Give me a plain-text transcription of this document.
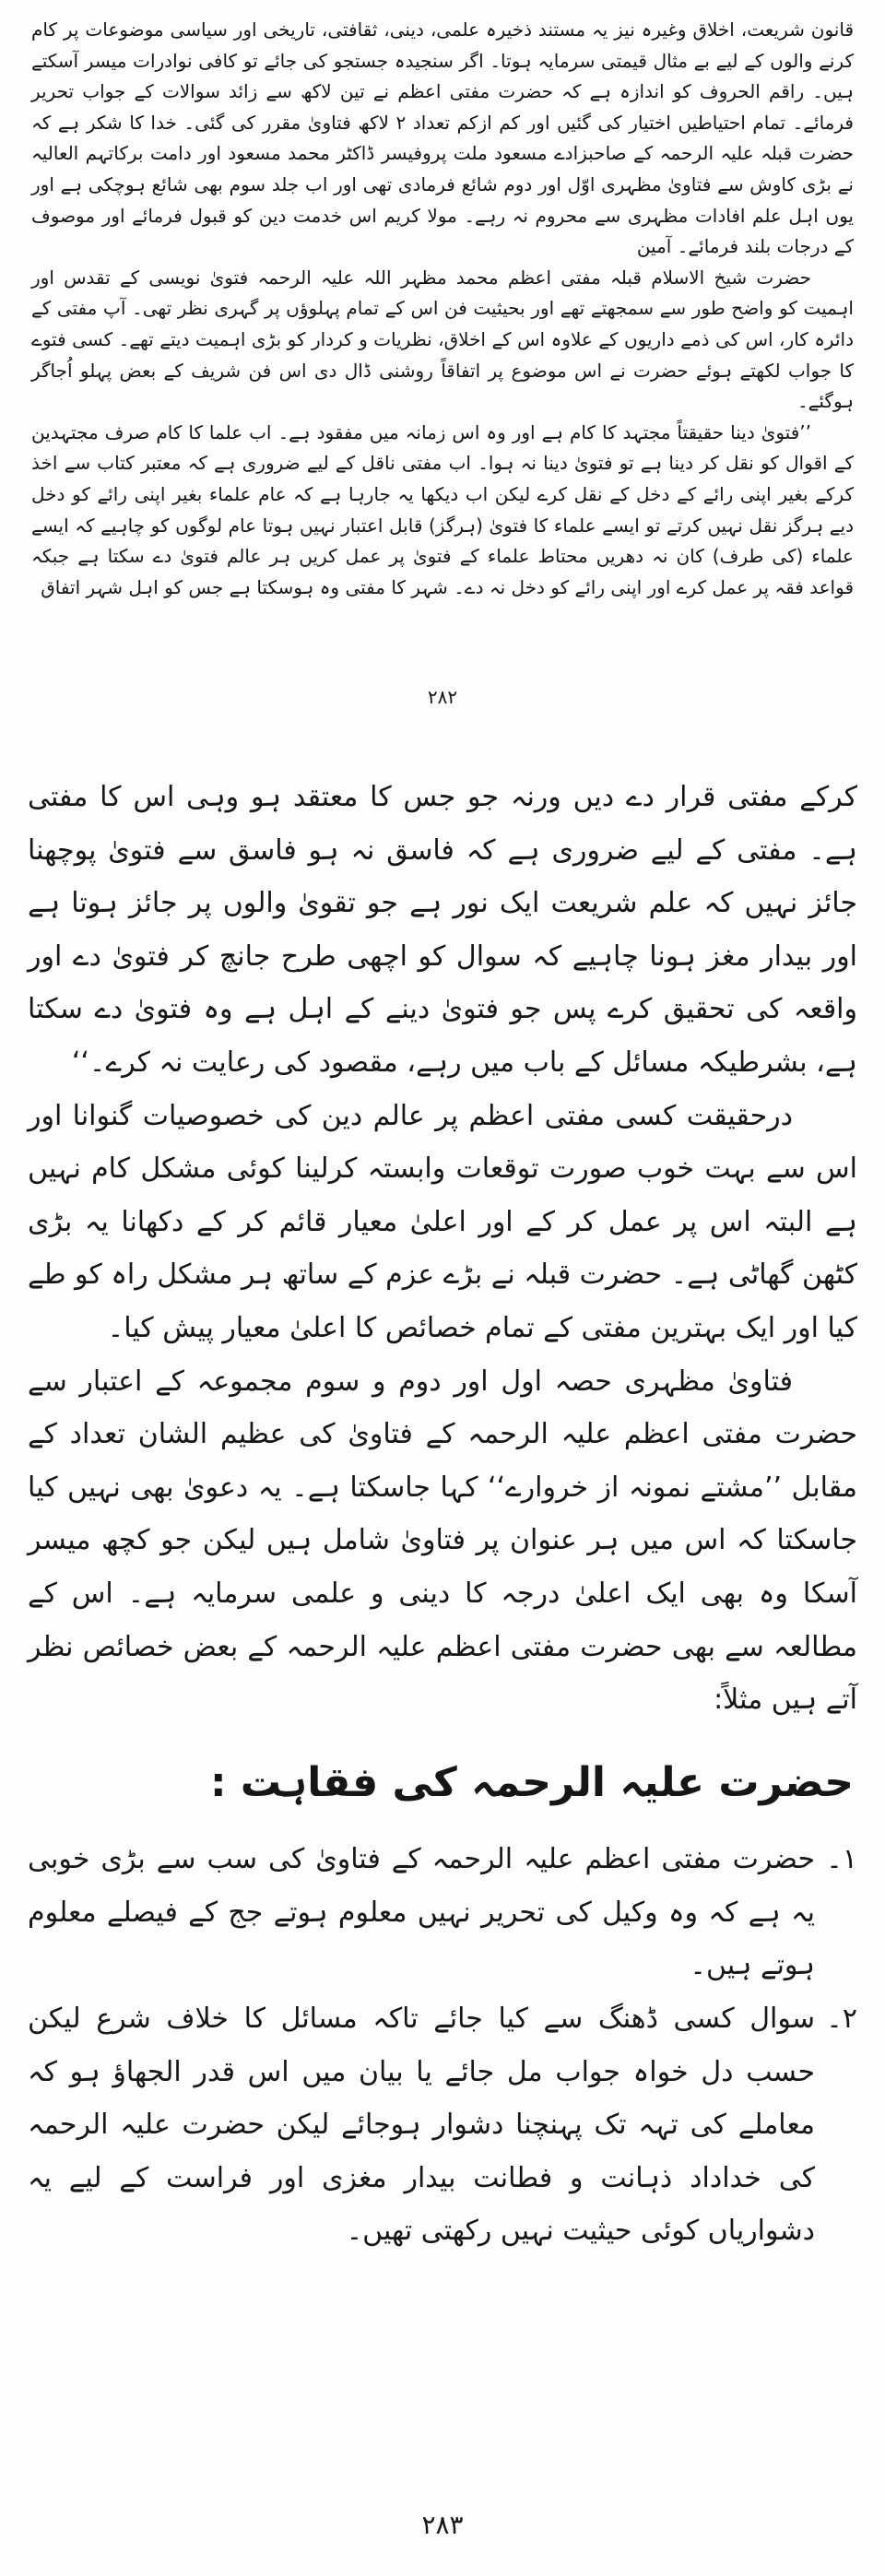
قانون شریعت، اخلاق وغیرہ نیز یہ مستند ذخیرہ علمی، دینی، ثقافتی، تاریخی اور سیاسی موضوعات پر کام کرنے والوں کے لیے بے مثال قیمتی سرمایہ ہوتا۔ اگر سنجیدہ جستجو کی جائے تو کافی نوادرات میسر آسکتے ہیں۔ راقم الحروف کو اندازہ ہے کہ حضرت مفتی اعظم نے تین لاکھ سے زائد سوالات کے جواب تحریر فرمائے۔ تمام احتیاطیں اختیار کی گئیں اور کم ازکم تعداد ۲ لاکھ فتاویٰ مقرر کی گئی۔ خدا کا شکر ہے کہ حضرت قبلہ علیہ الرحمہ کے صاحبزادے مسعود ملت پروفیسر ڈاکٹر محمد مسعود اور دامت برکاتہم العالیہ نے بڑی کاوش سے فتاویٰ مظہری اوّل اور دوم شائع فرمادی تھی اور اب جلد سوم بھی شائع ہوچکی ہے اور یوں اہل علم افادات مظہری سے محروم نہ رہے۔ مولا کریم اس خدمت دین کو قبول فرمائے اور موصوف کے درجات بلند فرمائے۔ آمین

حضرت شیخ الاسلام قبلہ مفتی اعظم محمد مظہر اللہ علیہ الرحمہ فتویٰ نویسی کے تقدس اور اہمیت کو واضح طور سے سمجھتے تھے اور بحیثیت فن اس کے تمام پہلوؤں پر گہری نظر تھی۔ آپ مفتی کے دائرہ کار، اس کی ذمے داریوں کے علاوہ اس کے اخلاق، نظریات و کردار کو بڑی اہمیت دیتے تھے۔ کسی فتوے کا جواب لکھتے ہوئے حضرت نے اس موضوع پر اتفاقاً روشنی ڈال دی اس فن شریف کے بعض پہلو اُجاگر ہوگئے۔

’’فتویٰ دینا حقیقتاً مجتہد کا کام ہے اور وہ اس زمانہ میں مفقود ہے۔ اب علما کا کام صرف مجتہدین کے اقوال کو نقل کر دینا ہے تو فتویٰ دینا نہ ہوا۔ اب مفتی ناقل کے لیے ضروری ہے کہ معتبر کتاب سے اخذ کرکے بغیر اپنی رائے کے دخل کے نقل کرے لیکن اب دیکھا یہ جارہا ہے کہ عام علماء بغیر اپنی رائے کو دخل دیے ہرگز نقل نہیں کرتے تو ایسے علماء کا فتویٰ (ہرگز) قابل اعتبار نہیں ہوتا عام لوگوں کو چاہیے کہ ایسے علماء (کی طرف) کان نہ دھریں محتاط علماء کے فتویٰ پر عمل کریں ہر عالم فتویٰ دے سکتا ہے جبکہ قواعد فقہ پر عمل کرے اور اپنی رائے کو دخل نہ دے۔ شہر کا مفتی وہ ہوسکتا ہے جس کو اہل شہر اتفاق

۲۸۲

کرکے مفتی قرار دے دیں ورنہ جو جس کا معتقد ہو وہی اس کا مفتی ہے۔ مفتی کے لیے ضروری ہے کہ فاسق نہ ہو فاسق سے فتویٰ پوچھنا جائز نہیں کہ علم شریعت ایک نور ہے جو تقویٰ والوں پر جائز ہوتا ہے اور بیدار مغز ہونا چاہیے کہ سوال کو اچھی طرح جانچ کر فتویٰ دے اور واقعہ کی تحقیق کرے پس جو فتویٰ دینے کے اہل ہے وہ فتویٰ دے سکتا ہے، بشرطیکہ مسائل کے باب میں رہے، مقصود کی رعایت نہ کرے۔‘‘

درحقیقت کسی مفتی اعظم پر عالم دین کی خصوصیات گنوانا اور اس سے بہت خوب صورت توقعات وابستہ کرلینا کوئی مشکل کام نہیں ہے البتہ اس پر عمل کر کے اور اعلیٰ معیار قائم کر کے دکھانا یہ بڑی کٹھن گھاٹی ہے۔ حضرت قبلہ نے بڑے عزم کے ساتھ ہر مشکل راہ کو طے کیا اور ایک بہترین مفتی کے تمام خصائص کا اعلیٰ معیار پیش کیا۔

فتاویٰ مظہری حصہ اول اور دوم و سوم مجموعہ کے اعتبار سے حضرت مفتی اعظم علیہ الرحمہ کے فتاویٰ کی عظیم الشان تعداد کے مقابل ’’مشتے نمونہ از خروارے‘‘ کہا جاسکتا ہے۔ یہ دعویٰ بھی نہیں کیا جاسکتا کہ اس میں ہر عنوان پر فتاویٰ شامل ہیں لیکن جو کچھ میسر آسکا وہ بھی ایک اعلیٰ درجہ کا دینی و علمی سرمایہ ہے۔ اس کے مطالعہ سے بھی حضرت مفتی اعظم علیہ الرحمہ کے بعض خصائص نظر آتے ہیں مثلاً:

حضرت علیہ الرحمہ کی فقاہت :
۱۔
حضرت مفتی اعظم علیہ الرحمہ کے فتاویٰ کی سب سے بڑی خوبی یہ ہے کہ وہ وکیل کی تحریر نہیں معلوم ہوتے جج کے فیصلے معلوم ہوتے ہیں۔
۲۔
سوال کسی ڈھنگ سے کیا جائے تاکہ مسائل کا خلاف شرع لیکن حسب دل خواہ جواب مل جائے یا بیان میں اس قدر الجھاؤ ہو کہ معاملے کی تہہ تک پہنچنا دشوار ہوجائے لیکن حضرت علیہ الرحمہ کی خداداد ذہانت و فطانت بیدار مغزی اور فراست کے لیے یہ دشواریاں کوئی حیثیت نہیں رکھتی تھیں۔
۲۸۳
